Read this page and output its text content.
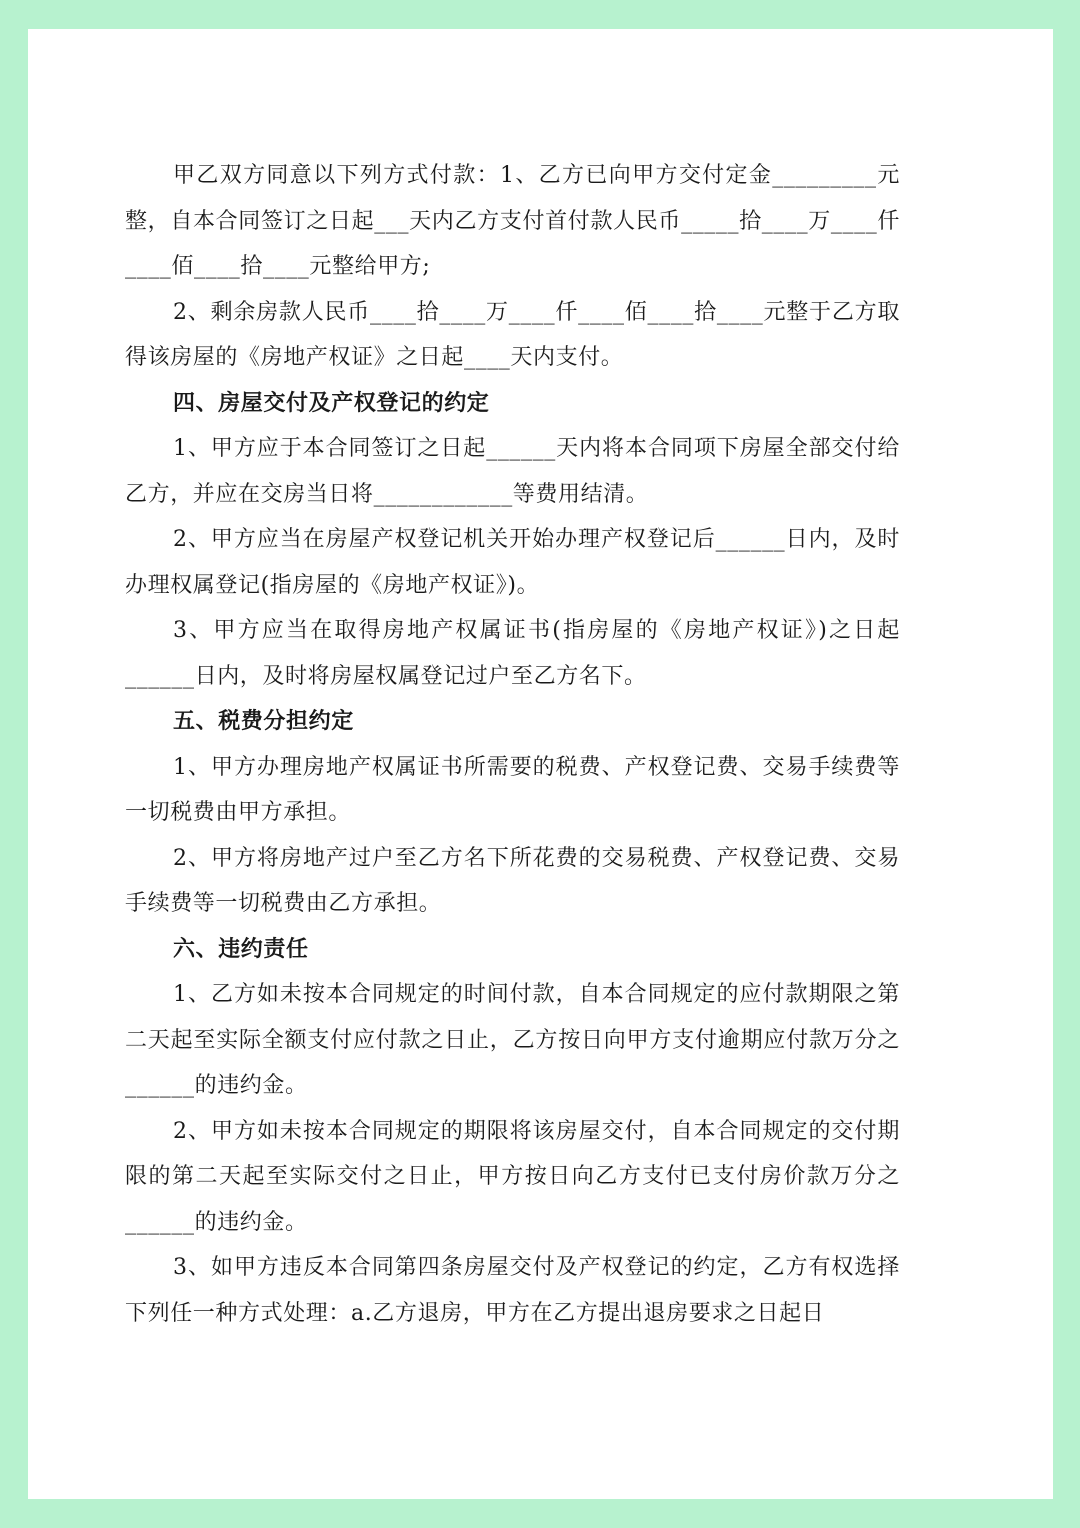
甲乙双方同意以下列方式付款：1、乙方已向甲方交付定金_________元整，自本合同签订之日起___天内乙方支付首付款人民币_____拾____万____仟____佰____拾____元整给甲方;

2、剩余房款人民币____拾____万____仟____佰____拾____元整于乙方取得该房屋的《房地产权证》之日起____天内支付。

四、房屋交付及产权登记的约定

1、甲方应于本合同签订之日起______天内将本合同项下房屋全部交付给乙方，并应在交房当日将____________等费用结清。

2、甲方应当在房屋产权登记机关开始办理产权登记后______日内，及时办理权属登记(指房屋的《房地产权证》)。

3、甲方应当在取得房地产权属证书(指房屋的《房地产权证》)之日起______日内，及时将房屋权属登记过户至乙方名下。

五、税费分担约定

1、甲方办理房地产权属证书所需要的税费、产权登记费、交易手续费等一切税费由甲方承担。

2、甲方将房地产过户至乙方名下所花费的交易税费、产权登记费、交易手续费等一切税费由乙方承担。

六、违约责任

1、乙方如未按本合同规定的时间付款，自本合同规定的应付款期限之第二天起至实际全额支付应付款之日止，乙方按日向甲方支付逾期应付款万分之______的违约金。

2、甲方如未按本合同规定的期限将该房屋交付，自本合同规定的交付期限的第二天起至实际交付之日止，甲方按日向乙方支付已支付房价款万分之______的违约金。

3、如甲方违反本合同第四条房屋交付及产权登记的约定，乙方有权选择下列任一种方式处理：a.乙方退房，甲方在乙方提出退房要求之日起日
